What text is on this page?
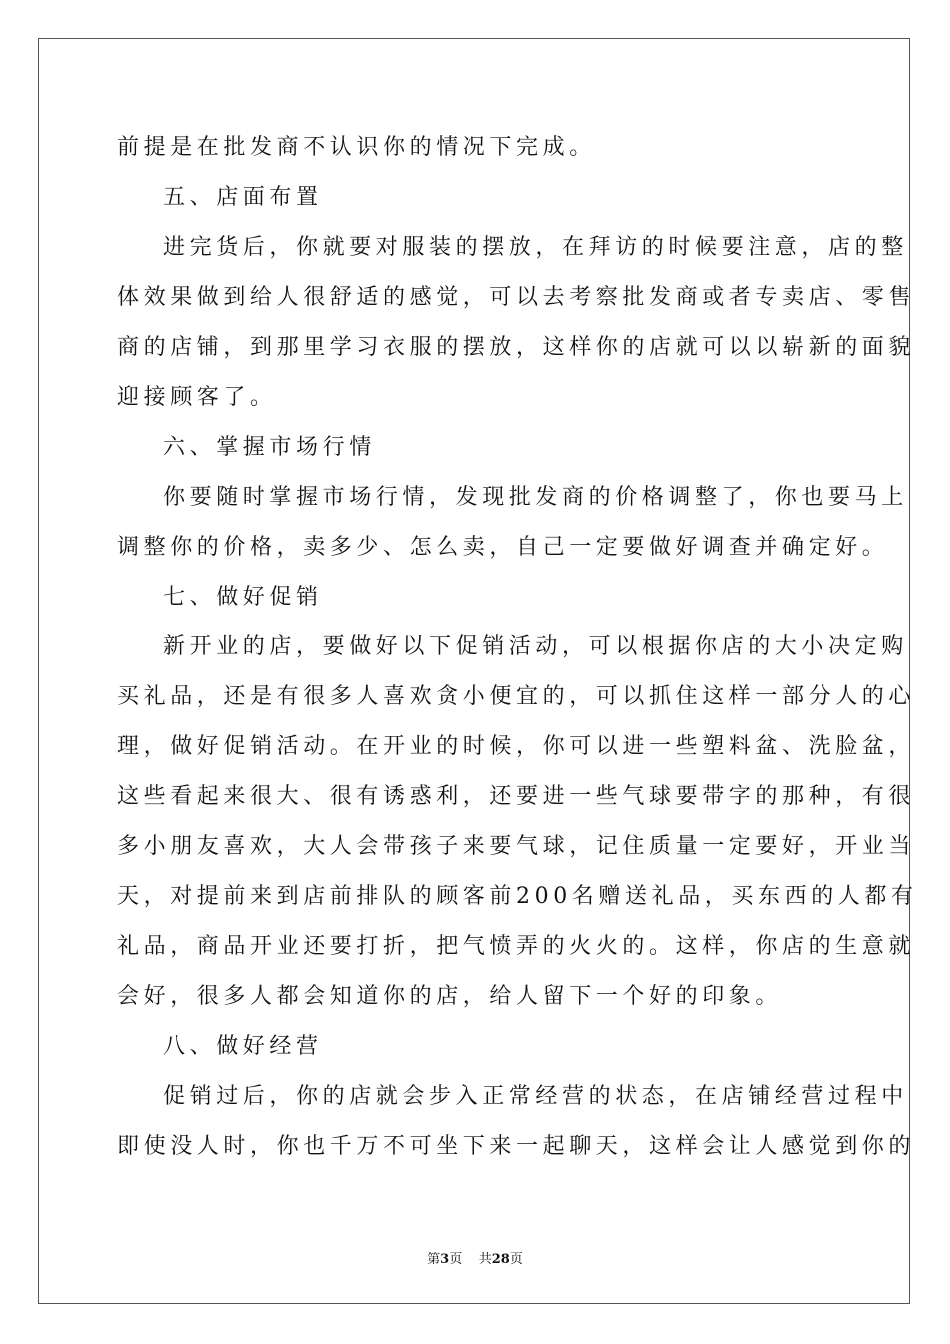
前提是在批发商不认识你的情况下完成。
五、店面布置
进完货后，你就要对服装的摆放，在拜访的时候要注意，店的整
体效果做到给人很舒适的感觉，可以去考察批发商或者专卖店、零售
商的店铺，到那里学习衣服的摆放，这样你的店就可以以崭新的面貌
迎接顾客了。
六、掌握市场行情
你要随时掌握市场行情，发现批发商的价格调整了，你也要马上
调整你的价格，卖多少、怎么卖，自己一定要做好调查并确定好。
七、做好促销
新开业的店，要做好以下促销活动，可以根据你店的大小决定购
买礼品，还是有很多人喜欢贪小便宜的，可以抓住这样一部分人的心
理，做好促销活动。在开业的时候，你可以进一些塑料盆、洗脸盆，
这些看起来很大、很有诱惑利，还要进一些气球要带字的那种，有很
多小朋友喜欢，大人会带孩子来要气球，记住质量一定要好，开业当
天，对提前来到店前排队的顾客前200名赠送礼品，买东西的人都有
礼品，商品开业还要打折，把气愤弄的火火的。这样，你店的生意就
会好，很多人都会知道你的店，给人留下一个好的印象。
八、做好经营
促销过后，你的店就会步入正常经营的状态，在店铺经营过程中
即使没人时，你也千万不可坐下来一起聊天，这样会让人感觉到你的
第3页 共28页
